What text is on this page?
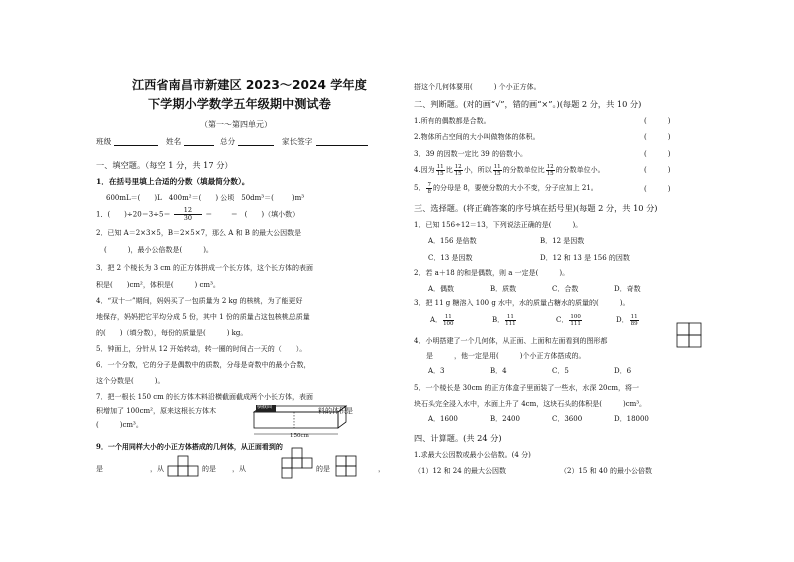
江西省南昌市新建区 2023～2024 学年度
下学期小学数学五年级期中测试卷
（第一～第四单元）
班级	姓名	总分	家长签字
一、填空题。（每空 1 分，共 17 分）
1．在括号里填上合适的分数（填最简分数）。
600mL＝( )L　400m²＝( ) 公顷　50dm³＝(	)m³
1．(　　)$\div 20=3\div 5= \frac{12}{30}$ ＝	＝　(　　)（填小数）
2．已知 A＝2×3×5，B＝2×5×7，那么 A 和 B 的最大公因数是
(　　　)，最小公倍数是(　　　)。
3．把 2 个棱长为 3 cm 的正方体拼成一个长方体，这个长方体的表面
积是(　　)cm²，体积是(　　　) cm³。
4．“双十一”期间，妈妈买了一包质量为 2 kg 的核桃，为了能更好
地保存，妈妈把它平均分成 5 份，其中 1 份的质量占这包核桃总质量
的(　　)（填分数），每份的质量是(　　　) kg。
5．钟面上，分针从 12 开始转动，转一圈的时间占一天的（　　）。
6．一个分数，它的分子是偶数中的质数，分母是奇数中的最小合数，
这个分数是(　　　)。
7．把一根长 150 cm 的长方体木料沿横截面截成两个小长方体，表面
积增加了 100cm²，原来这根长方体木	料的体积是
(　　　)cm³。
横截面
150cm
9．一个用同样大小的小正方体搭成的几何体，从正面看到的
是	，从	的是 ，从	的是	，
搭这个几何体要用(　　　) 个小正方体。
二、判断题。(对的画“√”，错的画“×”。)(每题 2 分，共 10 分)
1.所有的偶数都是合数。	(　　　)
2.物体所占空间的大小叫做物体的体积。	(　　　)
3．39 的因数一定比 39 的倍数小。	(　　　)
4.因为 $\frac{11}{15}$ 比 $\frac{12}{15}$ 小，所以 $\frac{11}{15}$ 的分数单位比 $\frac{12}{15}$ 的分数单位小。	(　　　)
5． $\frac{7}{8}$ 的分母是 8，要使分数的大小不变，分子应加上 21。	(　　　)
三、选择题。(将正确答案的序号填在括号里)(每题 2 分，共 10 分)
1．已知 156÷12＝13，下列说法正确的是(　　　)。
A．156 是倍数	B．12 是因数
C．13 是因数	D．12 和 13 是 156 的因数
2．若 a＋18 的和是偶数，则 a 一定是(　　　)。
A．偶数	B．质数	C．合数	D．奇数
3．把 11 g 糖溶入 100 g 水中，水的质量占糖水的质量的(　　　)。
A． $\frac{11}{100}$	B． $\frac{11}{111}$	C． $\frac{100}{111}$	D． $\frac{11}{89}$
4．小明搭建了一个几何体，从正面、上面和左面看到的图形都
是　　　，他一定是用(　　　)个小正方体搭成的。
A．3	B．4	C．5	D．6
5．一个棱长是 30cm 的正方体盒子里面装了一些水，水深 20cm，将一
块石头完全浸入水中，水面上升了 4cm，这块石头的体积是(　　　)cm³。
A．1600	B．2400	C．3600	D．18000
四、计算题。(共 24 分)
1.求最大公因数或最小公倍数。(4 分)
（1）12 和 24 的最大公因数	（2）15 和 40 的最小公倍数
